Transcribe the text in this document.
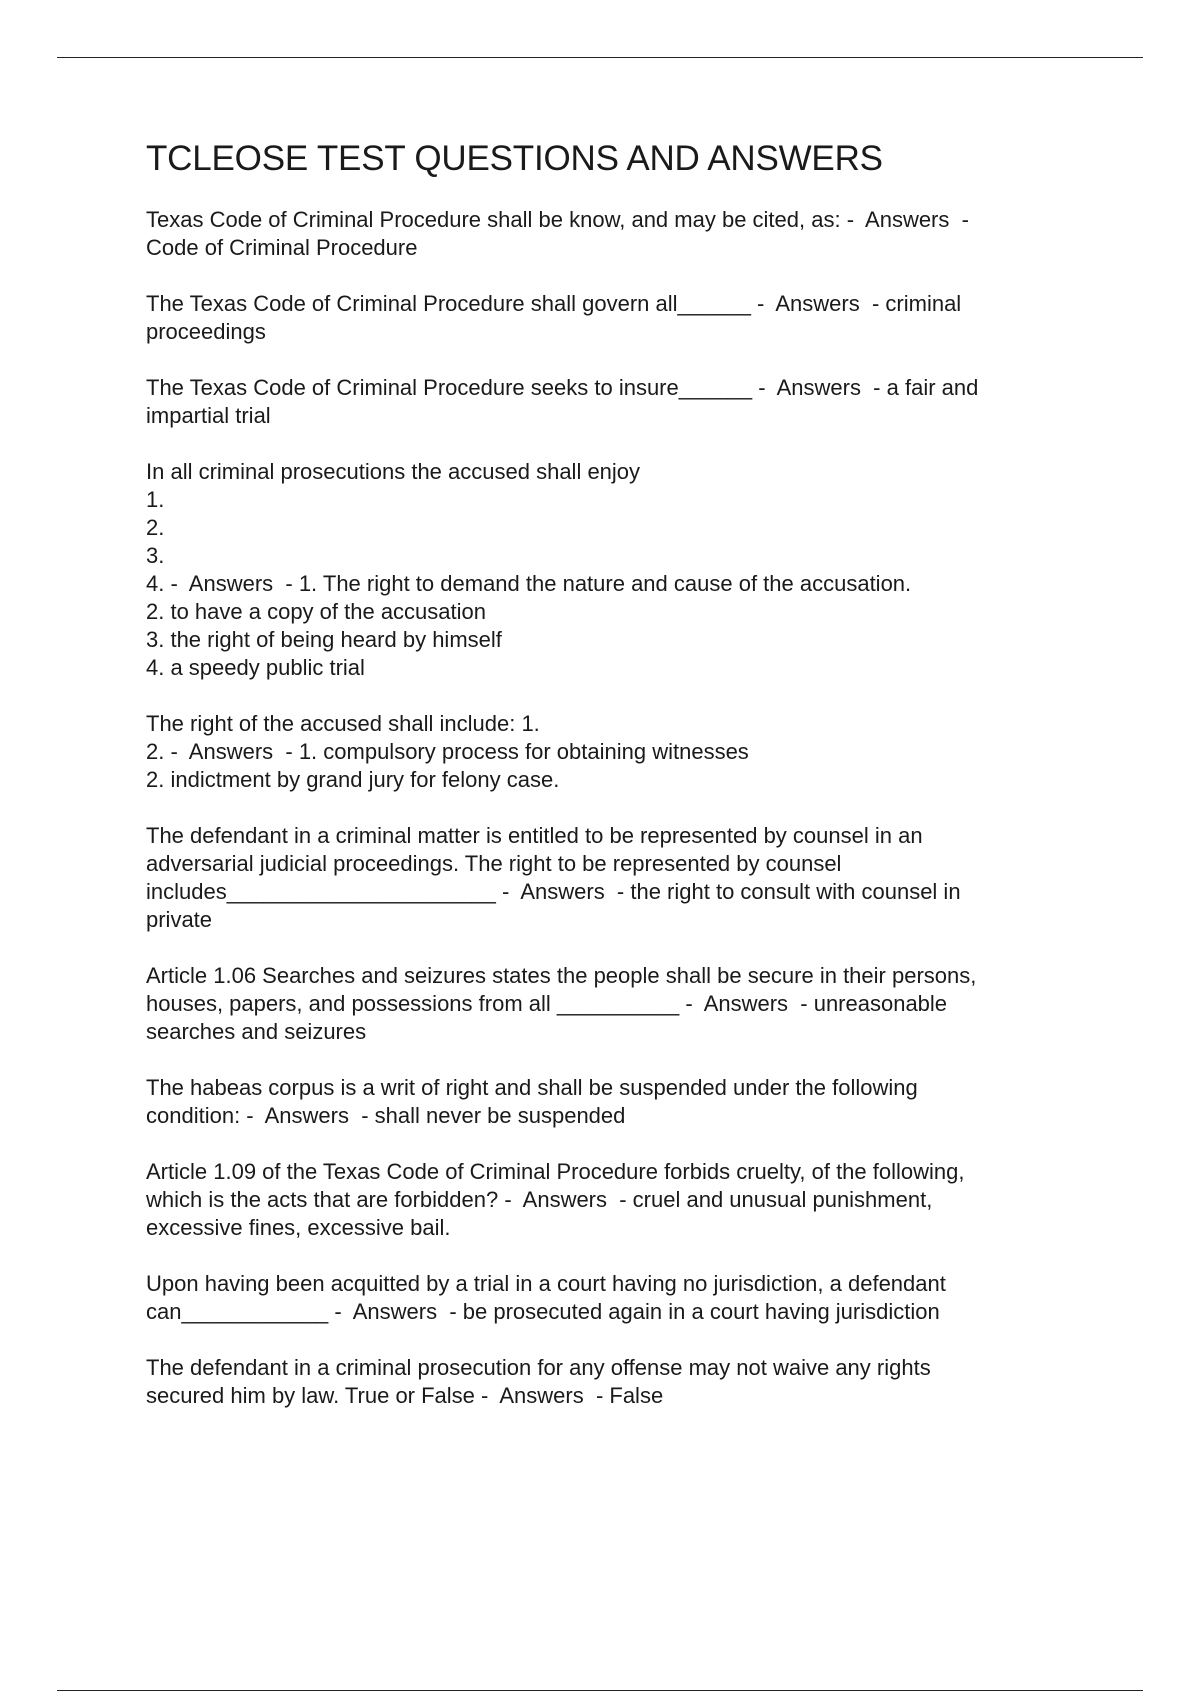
TCLEOSE TEST QUESTIONS AND ANSWERS

Texas Code of Criminal Procedure shall be know, and may be cited, as: -  Answers  -
Code of Criminal Procedure

The Texas Code of Criminal Procedure shall govern all______ -  Answers  - criminal
proceedings

The Texas Code of Criminal Procedure seeks to insure______ -  Answers  - a fair and
impartial trial

In all criminal prosecutions the accused shall enjoy
1.
2.
3.
4. -  Answers  - 1. The right to demand the nature and cause of the accusation.
2. to have a copy of the accusation
3. the right of being heard by himself
4. a speedy public trial

The right of the accused shall include: 1.
2. -  Answers  - 1. compulsory process for obtaining witnesses
2. indictment by grand jury for felony case.

The defendant in a criminal matter is entitled to be represented by counsel in an
adversarial judicial proceedings. The right to be represented by counsel
includes______________________ -  Answers  - the right to consult with counsel in
private

Article 1.06 Searches and seizures states the people shall be secure in their persons,
houses, papers, and possessions from all __________ -  Answers  - unreasonable
searches and seizures

The habeas corpus is a writ of right and shall be suspended under the following
condition: -  Answers  - shall never be suspended

Article 1.09 of the Texas Code of Criminal Procedure forbids cruelty, of the following,
which is the acts that are forbidden? -  Answers  - cruel and unusual punishment,
excessive fines, excessive bail.

Upon having been acquitted by a trial in a court having no jurisdiction, a defendant
can____________ -  Answers  - be prosecuted again in a court having jurisdiction

The defendant in a criminal prosecution for any offense may not waive any rights
secured him by law. True or False -  Answers  - False
